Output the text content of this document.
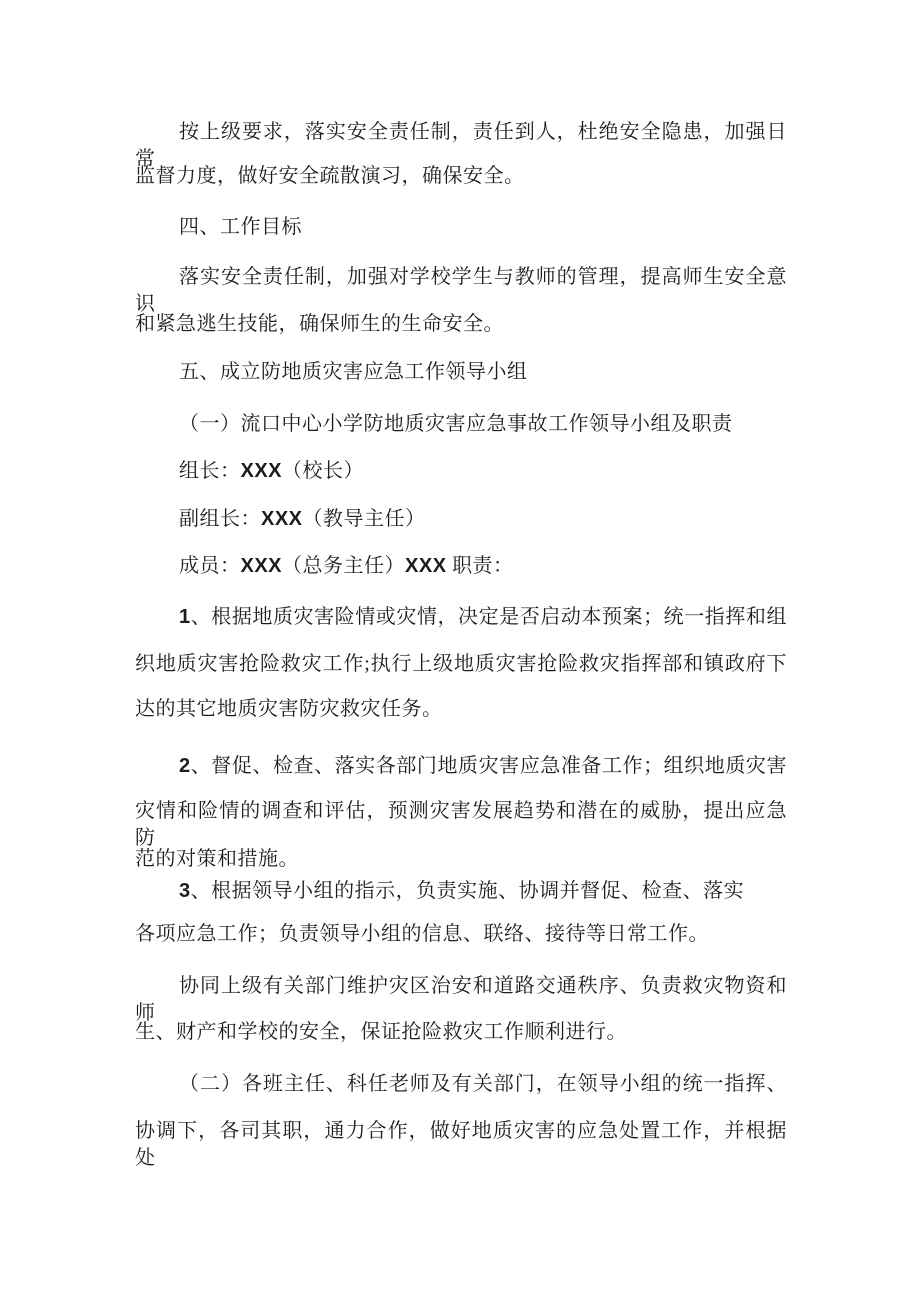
按上级要求，落实安全责任制，责任到人，杜绝安全隐患，加强日常
监督力度，做好安全疏散演习，确保安全。
四、工作目标
落实安全责任制，加强对学校学生与教师的管理，提高师生安全意识
和紧急逃生技能，确保师生的生命安全。
五、成立防地质灾害应急工作领导小组
（一）流口中心小学防地质灾害应急事故工作领导小组及职责
组长：XXX（校长）
副组长：XXX（教导主任）
成员：XXX（总务主任）XXX 职责：
1、根据地质灾害险情或灾情，决定是否启动本预案；统一指挥和组
织地质灾害抢险救灾工作;执行上级地质灾害抢险救灾指挥部和镇政府下
达的其它地质灾害防灾救灾任务。
2、督促、检查、落实各部门地质灾害应急准备工作；组织地质灾害
灾情和险情的调查和评估，预测灾害发展趋势和潜在的威胁，提出应急防
范的对策和措施。
3、根据领导小组的指示，负责实施、协调并督促、检查、落实
各项应急工作；负责领导小组的信息、联络、接待等日常工作。
协同上级有关部门维护灾区治安和道路交通秩序、负责救灾物资和师
生、财产和学校的安全，保证抢险救灾工作顺利进行。
（二）各班主任、科任老师及有关部门，在领导小组的统一指挥、
协调下，各司其职，通力合作，做好地质灾害的应急处置工作，并根据处
